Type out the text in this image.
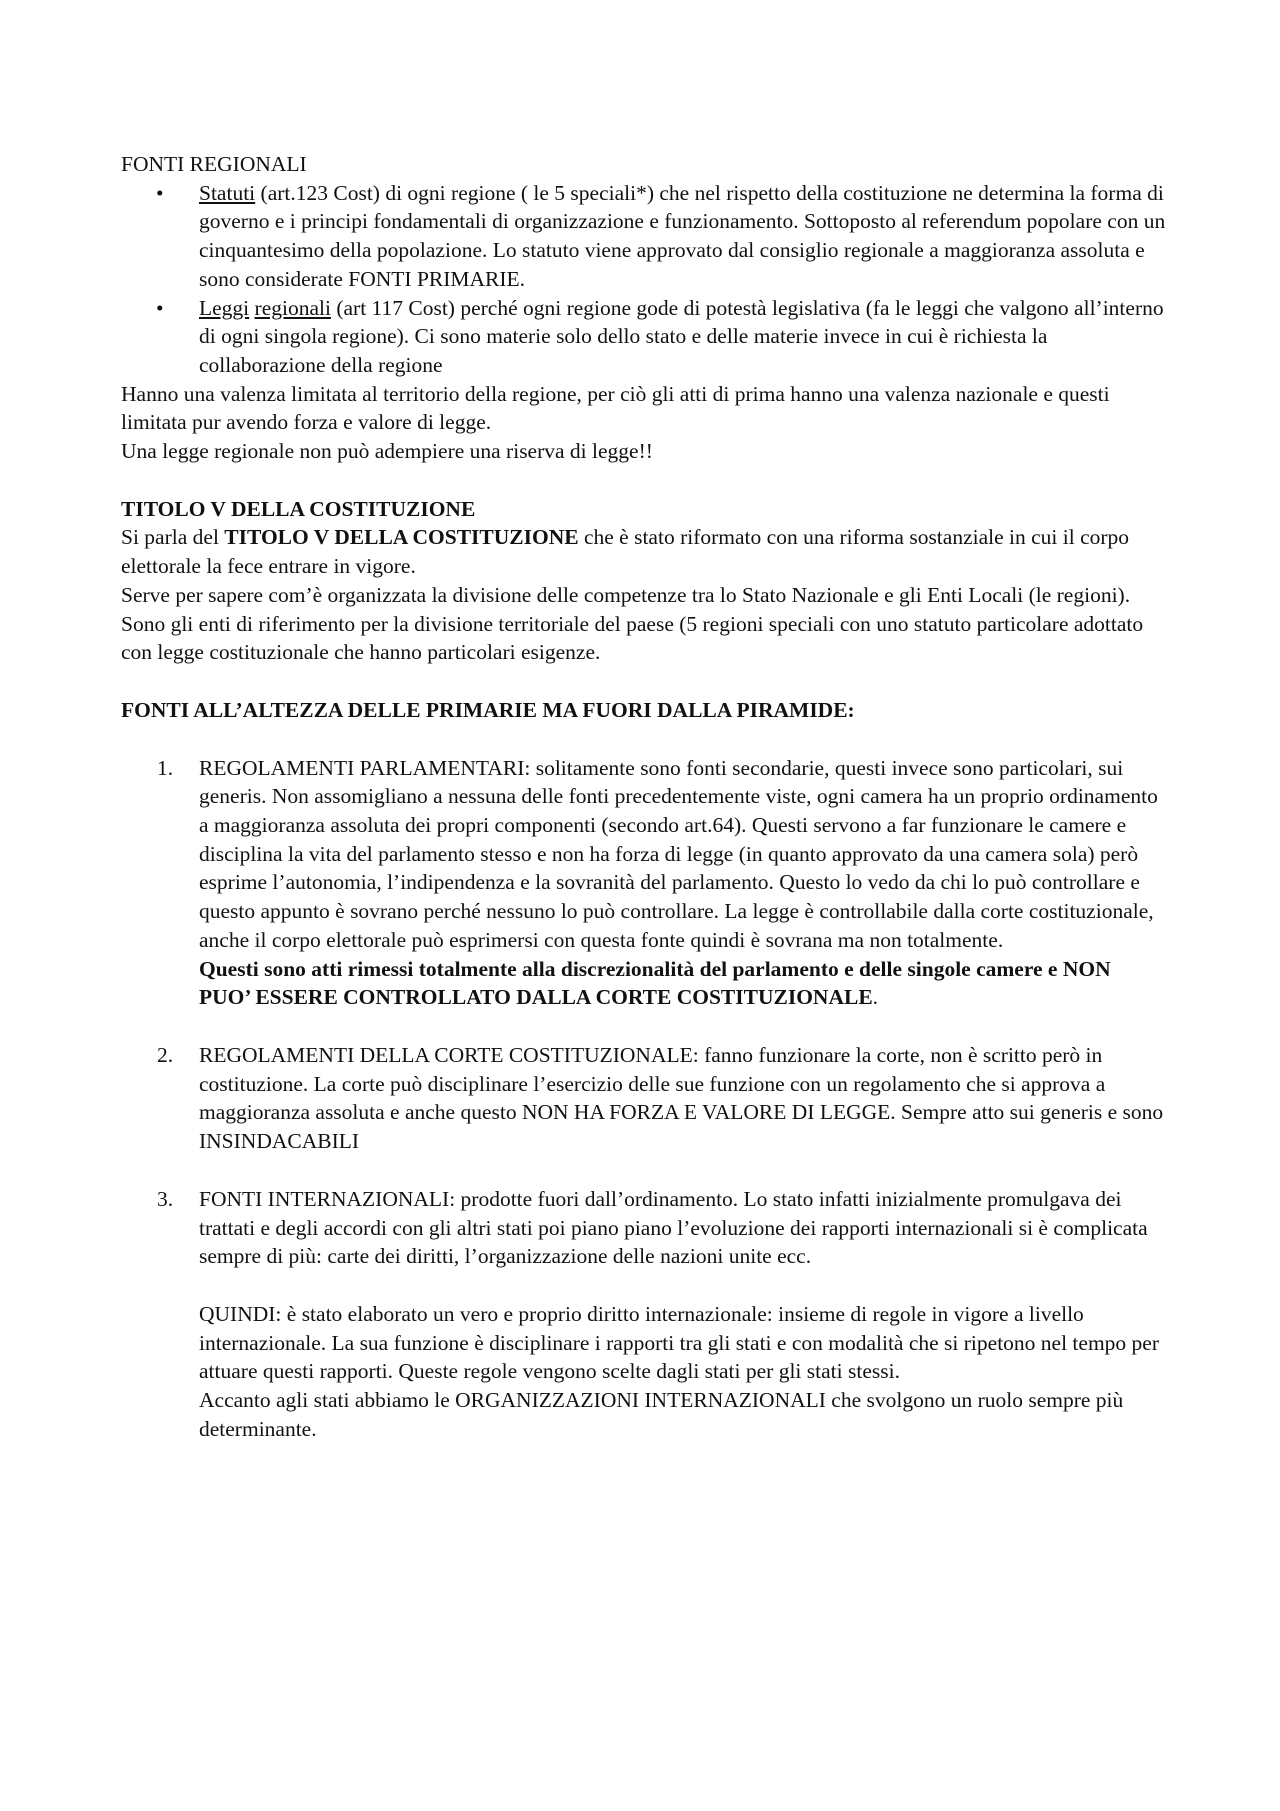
FONTI REGIONALI

• Statuti (art.123 Cost) di ogni regione ( le 5 speciali*) che nel rispetto della costituzione ne determina la forma di governo e i principi fondamentali di organizzazione e funzionamento. Sottoposto al referendum popolare con un cinquantesimo della popolazione. Lo statuto viene approvato dal consiglio regionale a maggioranza assoluta e sono considerate FONTI PRIMARIE.
• Leggi regionali (art 117 Cost) perché ogni regione gode di potestà legislativa (fa le leggi che valgono all’interno di ogni singola regione). Ci sono materie solo dello stato e delle materie invece in cui è richiesta la collaborazione della regione

Hanno una valenza limitata al territorio della regione, per ciò gli atti di prima hanno una valenza nazionale e questi limitata pur avendo forza e valore di legge.

Una legge regionale non può adempiere una riserva di legge!!

TITOLO V DELLA COSTITUZIONE

Si parla del TITOLO V DELLA COSTITUZIONE che è stato riformato con una riforma sostanziale in cui il corpo elettorale la fece entrare in vigore.

Serve per sapere com’è organizzata la divisione delle competenze tra lo Stato Nazionale e gli Enti Locali (le regioni).

Sono gli enti di riferimento per la divisione territoriale del paese (5 regioni speciali con uno statuto particolare adottato con legge costituzionale che hanno particolari esigenze.

FONTI ALL’ALTEZZA DELLE PRIMARIE MA FUORI DALLA PIRAMIDE:

1. REGOLAMENTI PARLAMENTARI: solitamente sono fonti secondarie, questi invece sono particolari, sui generis. Non assomigliano a nessuna delle fonti precedentemente viste, ogni camera ha un proprio ordinamento a maggioranza assoluta dei propri componenti (secondo art.64). Questi servono a far funzionare le camere e disciplina la vita del parlamento stesso e non ha forza di legge (in quanto approvato da una camera sola) però esprime l’autonomia, l’indipendenza e la sovranità del parlamento. Questo lo vedo da chi lo può controllare e questo appunto è sovrano perché nessuno lo può controllare. La legge è controllabile dalla corte costituzionale, anche il corpo elettorale può esprimersi con questa fonte quindi è sovrana ma non totalmente.
Questi sono atti rimessi totalmente alla discrezionalità del parlamento e delle singole camere e NON PUO’ ESSERE CONTROLLATO DALLA CORTE COSTITUZIONALE.
2. REGOLAMENTI DELLA CORTE COSTITUZIONALE: fanno funzionare la corte, non è scritto però in costituzione. La corte può disciplinare l’esercizio delle sue funzione con un regolamento che si approva a maggioranza assoluta e anche questo NON HA FORZA E VALORE DI LEGGE. Sempre atto sui generis e sono INSINDACABILI
3. FONTI INTERNAZIONALI: prodotte fuori dall’ordinamento. Lo stato infatti inizialmente promulgava dei trattati e degli accordi con gli altri stati poi piano piano l’evoluzione dei rapporti internazionali si è complicata sempre di più: carte dei diritti, l’organizzazione delle nazioni unite ecc.
QUINDI: è stato elaborato un vero e proprio diritto internazionale: insieme di regole in vigore a livello internazionale. La sua funzione è disciplinare i rapporti tra gli stati e con modalità che si ripetono nel tempo per attuare questi rapporti. Queste regole vengono scelte dagli stati per gli stati stessi.
Accanto agli stati abbiamo le ORGANIZZAZIONI INTERNAZIONALI che svolgono un ruolo sempre più determinante.
